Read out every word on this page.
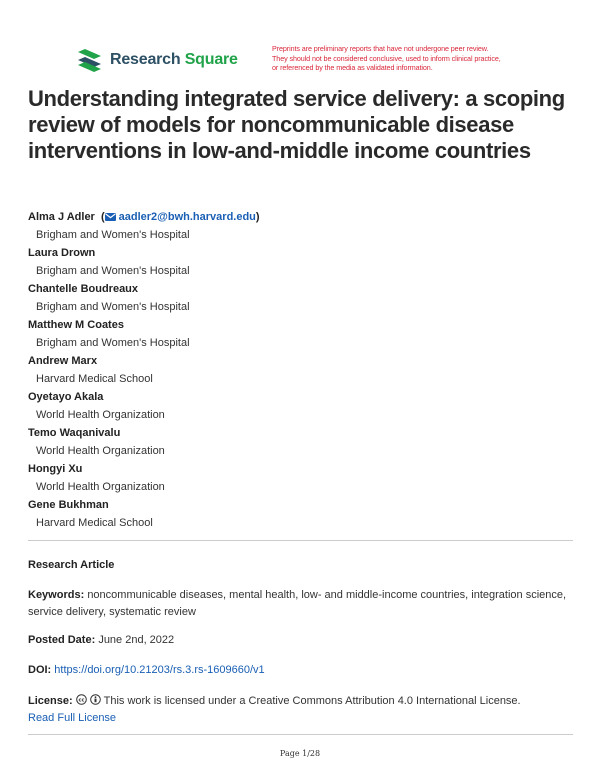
Research Square
Preprints are preliminary reports that have not undergone peer review.
They should not be considered conclusive, used to inform clinical practice,
or referenced by the media as validated information.
Understanding integrated service delivery: a scoping review of models for noncommunicable disease interventions in low-and-middle income countries
Alma J Adler  ( aadler2@bwh.harvard.edu)
Brigham and Women's Hospital
Laura Drown
Brigham and Women's Hospital
Chantelle Boudreaux
Brigham and Women's Hospital
Matthew M Coates
Brigham and Women's Hospital
Andrew Marx
Harvard Medical School
Oyetayo Akala
World Health Organization
Temo Waqanivalu
World Health Organization
Hongyi Xu
World Health Organization
Gene Bukhman
Harvard Medical School
Research Article
Keywords: noncommunicable diseases, mental health, low- and middle-income countries, integration science, service delivery, systematic review
Posted Date: June 2nd, 2022
DOI: https://doi.org/10.21203/rs.3.rs-1609660/v1
License: cc This work is licensed under a Creative Commons Attribution 4.0 International License.
Read Full License
Page 1/28
